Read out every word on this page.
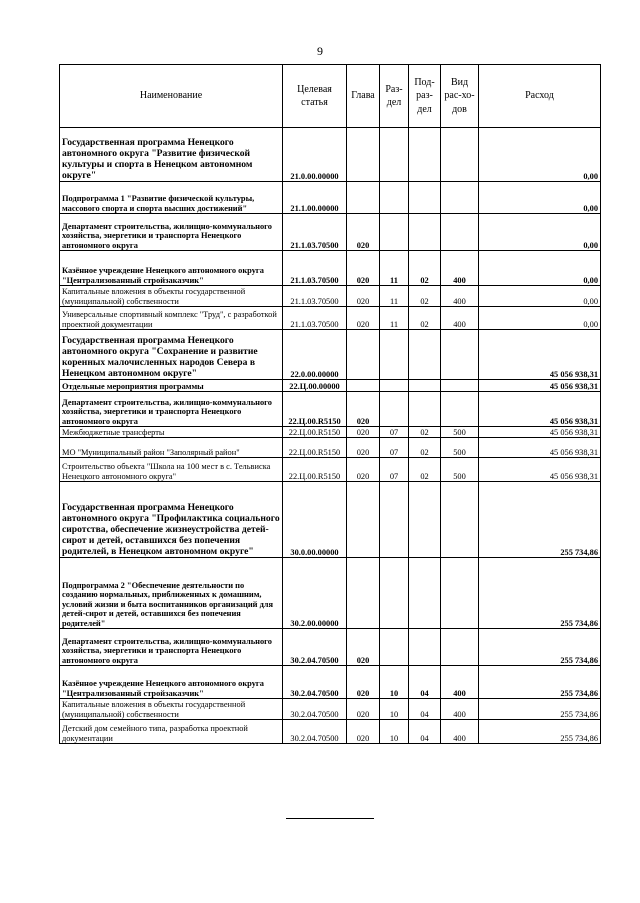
9
Наименование	Целевая статья	Глава	Раз-дел	Под-раз-дел	Вид рас-хо-дов	Расход
Государственная программа Ненецкого автономного округа "Развитие физической культуры и спорта в Ненецком автономном округе"	21.0.00.00000					0,00
Подпрограмма 1 "Развитие физической культуры, массового спорта и спорта высших достижений"	21.1.00.00000					0,00
Департамент строительства, жилищно-коммунального хозяйства, энергетики и транспорта Ненецкого автономного округа	21.1.03.70500	020				0,00
Казённое учреждение Ненецкого автономного округа "Централизованный стройзаказчик"	21.1.03.70500	020	11	02	400	0,00
Капитальные вложения в объекты государственной (муниципальной) собственности	21.1.03.70500	020	11	02	400	0,00
Универсальные спортивный комплекс "Труд", с разработкой проектной документации	21.1.03.70500	020	11	02	400	0,00
Государственная программа Ненецкого автономного округа "Сохранение и развитие коренных малочисленных народов Севера в Ненецком автономном округе"	22.0.00.00000					45 056 938,31
Отдельные мероприятия программы	22.Ц.00.00000					45 056 938,31
Департамент строительства, жилищно-коммунального хозяйства, энергетики и транспорта Ненецкого автономного округа	22.Ц.00.R5150	020				45 056 938,31
Межбюджетные трансферты	22.Ц.00.R5150	020	07	02	500	45 056 938,31
МО "Муниципальный район "Заполярный район"	22.Ц.00.R5150	020	07	02	500	45 056 938,31
Строительство объекта "Школа на 100 мест в с. Тельвиска Ненецкого автономного округа"	22.Ц.00.R5150	020	07	02	500	45 056 938,31
Государственная программа Ненецкого автономного округа "Профилактика социального сиротства, обеспечение жизнеустройства детей-сирот и детей, оставшихся без попечения родителей, в Ненецком автономном округе"	30.0.00.00000					255 734,86
Подпрограмма 2 "Обеспечение деятельности по созданию нормальных, приближенных к домашним, условий жизни и быта воспитанников организаций для детей-сирот и детей, оставшихся без попечения родителей"	30.2.00.00000					255 734,86
Департамент строительства, жилищно-коммунального хозяйства, энергетики и транспорта Ненецкого автономного округа	30.2.04.70500	020				255 734,86
Казённое учреждение Ненецкого автономного округа "Централизованный стройзаказчик"	30.2.04.70500	020	10	04	400	255 734,86
Капитальные вложения в объекты государственной (муниципальной) собственности	30.2.04.70500	020	10	04	400	255 734,86
Детский дом семейного типа, разработка проектной документации	30.2.04.70500	020	10	04	400	255 734,86
